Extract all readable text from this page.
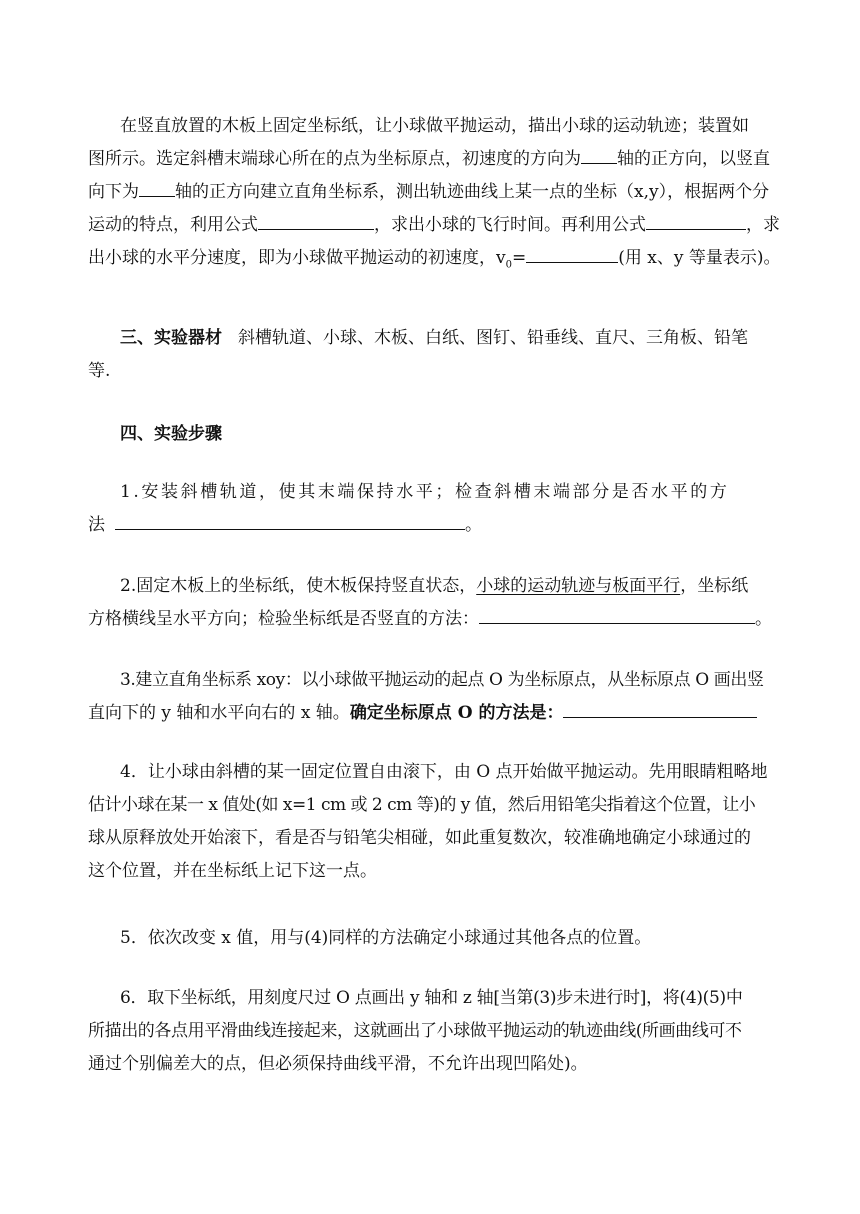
在竖直放置的木板上固定坐标纸，让小球做平抛运动，描出小球的运动轨迹；装置如
图所示。选定斜槽末端球心所在的点为坐标原点，初速度的方向为 轴的正方向，以竖直
向下为 轴的正方向建立直角坐标系，测出轨迹曲线上某一点的坐标（x,y），根据两个分
运动的特点，利用公式	，求出小球的飞行时间。再利用公式	，求
出小球的水平分速度，即为小球做平抛运动的初速度，$v_0=$	(用 x、y 等量表示)。
三、实验器材 斜槽轨道、小球、木板、白纸、图钉、铅垂线、直尺、三角板、铅笔
等.
四、实验步骤
1.安装斜槽轨道，使其末端保持水平；检查斜槽末端部分是否水平的方
法	。
2.固定木板上的坐标纸，使木板保持竖直状态，小球的运动轨迹与板面平行，坐标纸
方格横线呈水平方向；检验坐标纸是否竖直的方法：	。
3.建立直角坐标系 xoy：以小球做平抛运动的起点 O 为坐标原点，从坐标原点 O 画出竖
直向下的 y 轴和水平向右的 x 轴。确定坐标原点 O 的方法是：
4．让小球由斜槽的某一固定位置自由滚下，由 O 点开始做平抛运动。先用眼睛粗略地
估计小球在某一 x 值处(如 x=1 cm 或 2 cm 等)的 y 值，然后用铅笔尖指着这个位置，让小
球从原释放处开始滚下，看是否与铅笔尖相碰，如此重复数次，较准确地确定小球通过的
这个位置，并在坐标纸上记下这一点。
5．依次改变 x 值，用与(4)同样的方法确定小球通过其他各点的位置。
6．取下坐标纸，用刻度尺过 O 点画出 y 轴和 z 轴[当第(3)步未进行时]，将(4)(5)中
所描出的各点用平滑曲线连接起来，这就画出了小球做平抛运动的轨迹曲线(所画曲线可不
通过个别偏差大的点，但必须保持曲线平滑，不允许出现凹陷处)。
